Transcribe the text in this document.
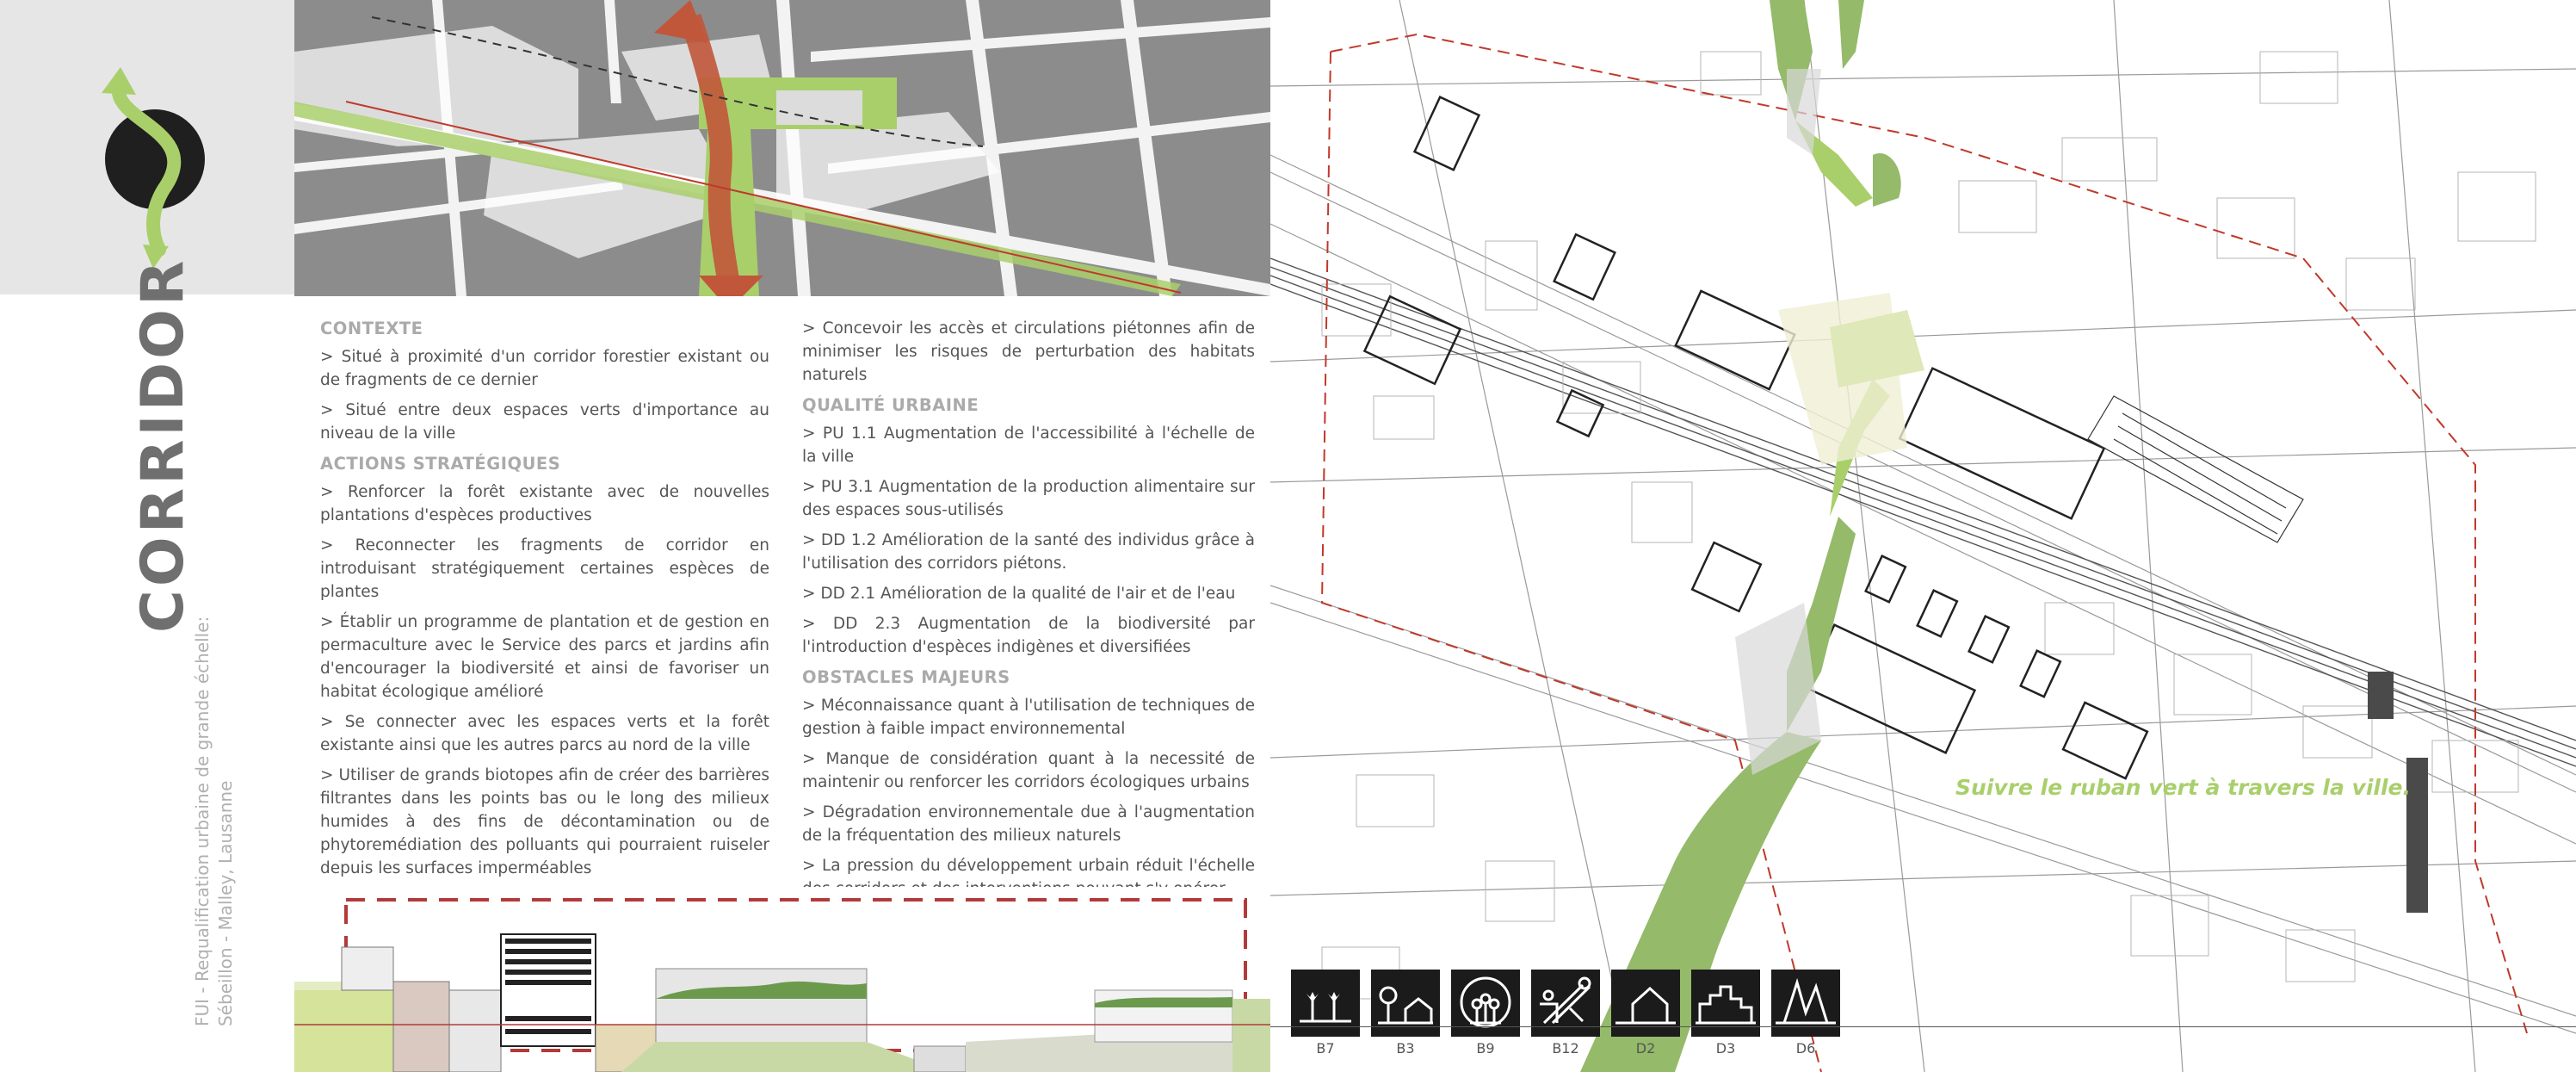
CORRIDOR
FUI - Requalification urbaine de grande échelle: Sébeillon - Malley, Lausanne
CONTEXTE
> Situé à proximité d'un corridor forestier existant ou de fragments de ce dernier
> Situé entre deux espaces verts d'importance au niveau de la ville
ACTIONS STRATÉGIQUES
> Renforcer la forêt existante avec de nouvelles plantations d'espèces productives
> Reconnecter les fragments de corridor en introduisant stratégiquement certaines espèces de plantes
> Établir un programme de plantation et de gestion en permaculture avec le Service des parcs et jardins afin d'encourager la biodiversité et ainsi de favoriser un habitat écologique amélioré
> Se connecter avec les espaces verts et la forêt existante ainsi que les autres parcs au nord de la ville
> Utiliser de grands biotopes afin de créer des barrières filtrantes dans les points bas ou le long des milieux humides à des fins de décontamination ou de phytoremédiation des polluants qui pourraient ruiseler depuis les surfaces imperméables
> Concevoir les accès et circulations piétonnes afin de minimiser les risques de perturbation des habitats naturels
QUALITÉ URBAINE
> PU 1.1 Augmentation de l'accessibilité à l'échelle de la ville
> PU 3.1 Augmentation de la production alimentaire sur des espaces sous-utilisés
> DD 1.2 Amélioration de la santé des individus grâce à l'utilisation des corridors piétons.
> DD 2.1 Amélioration de la qualité de l'air et de l'eau
> DD 2.3 Augmentation de la biodiversité par l'introduction d'espèces indigènes et diversifiées
OBSTACLES MAJEURS
> Méconnaissance quant à l'utilisation de techniques de gestion à faible impact environnemental
> Manque de considération quant à la necessité de maintenir ou renforcer les corridors écologiques urbains
> Dégradation environnementale due à l'augmentation de la fréquentation des milieux naturels
> La pression du développement urbain réduit l'échelle
Suivre le ruban vert à travers la ville.
B7	B3	B9	B12	D2	D3	D6
